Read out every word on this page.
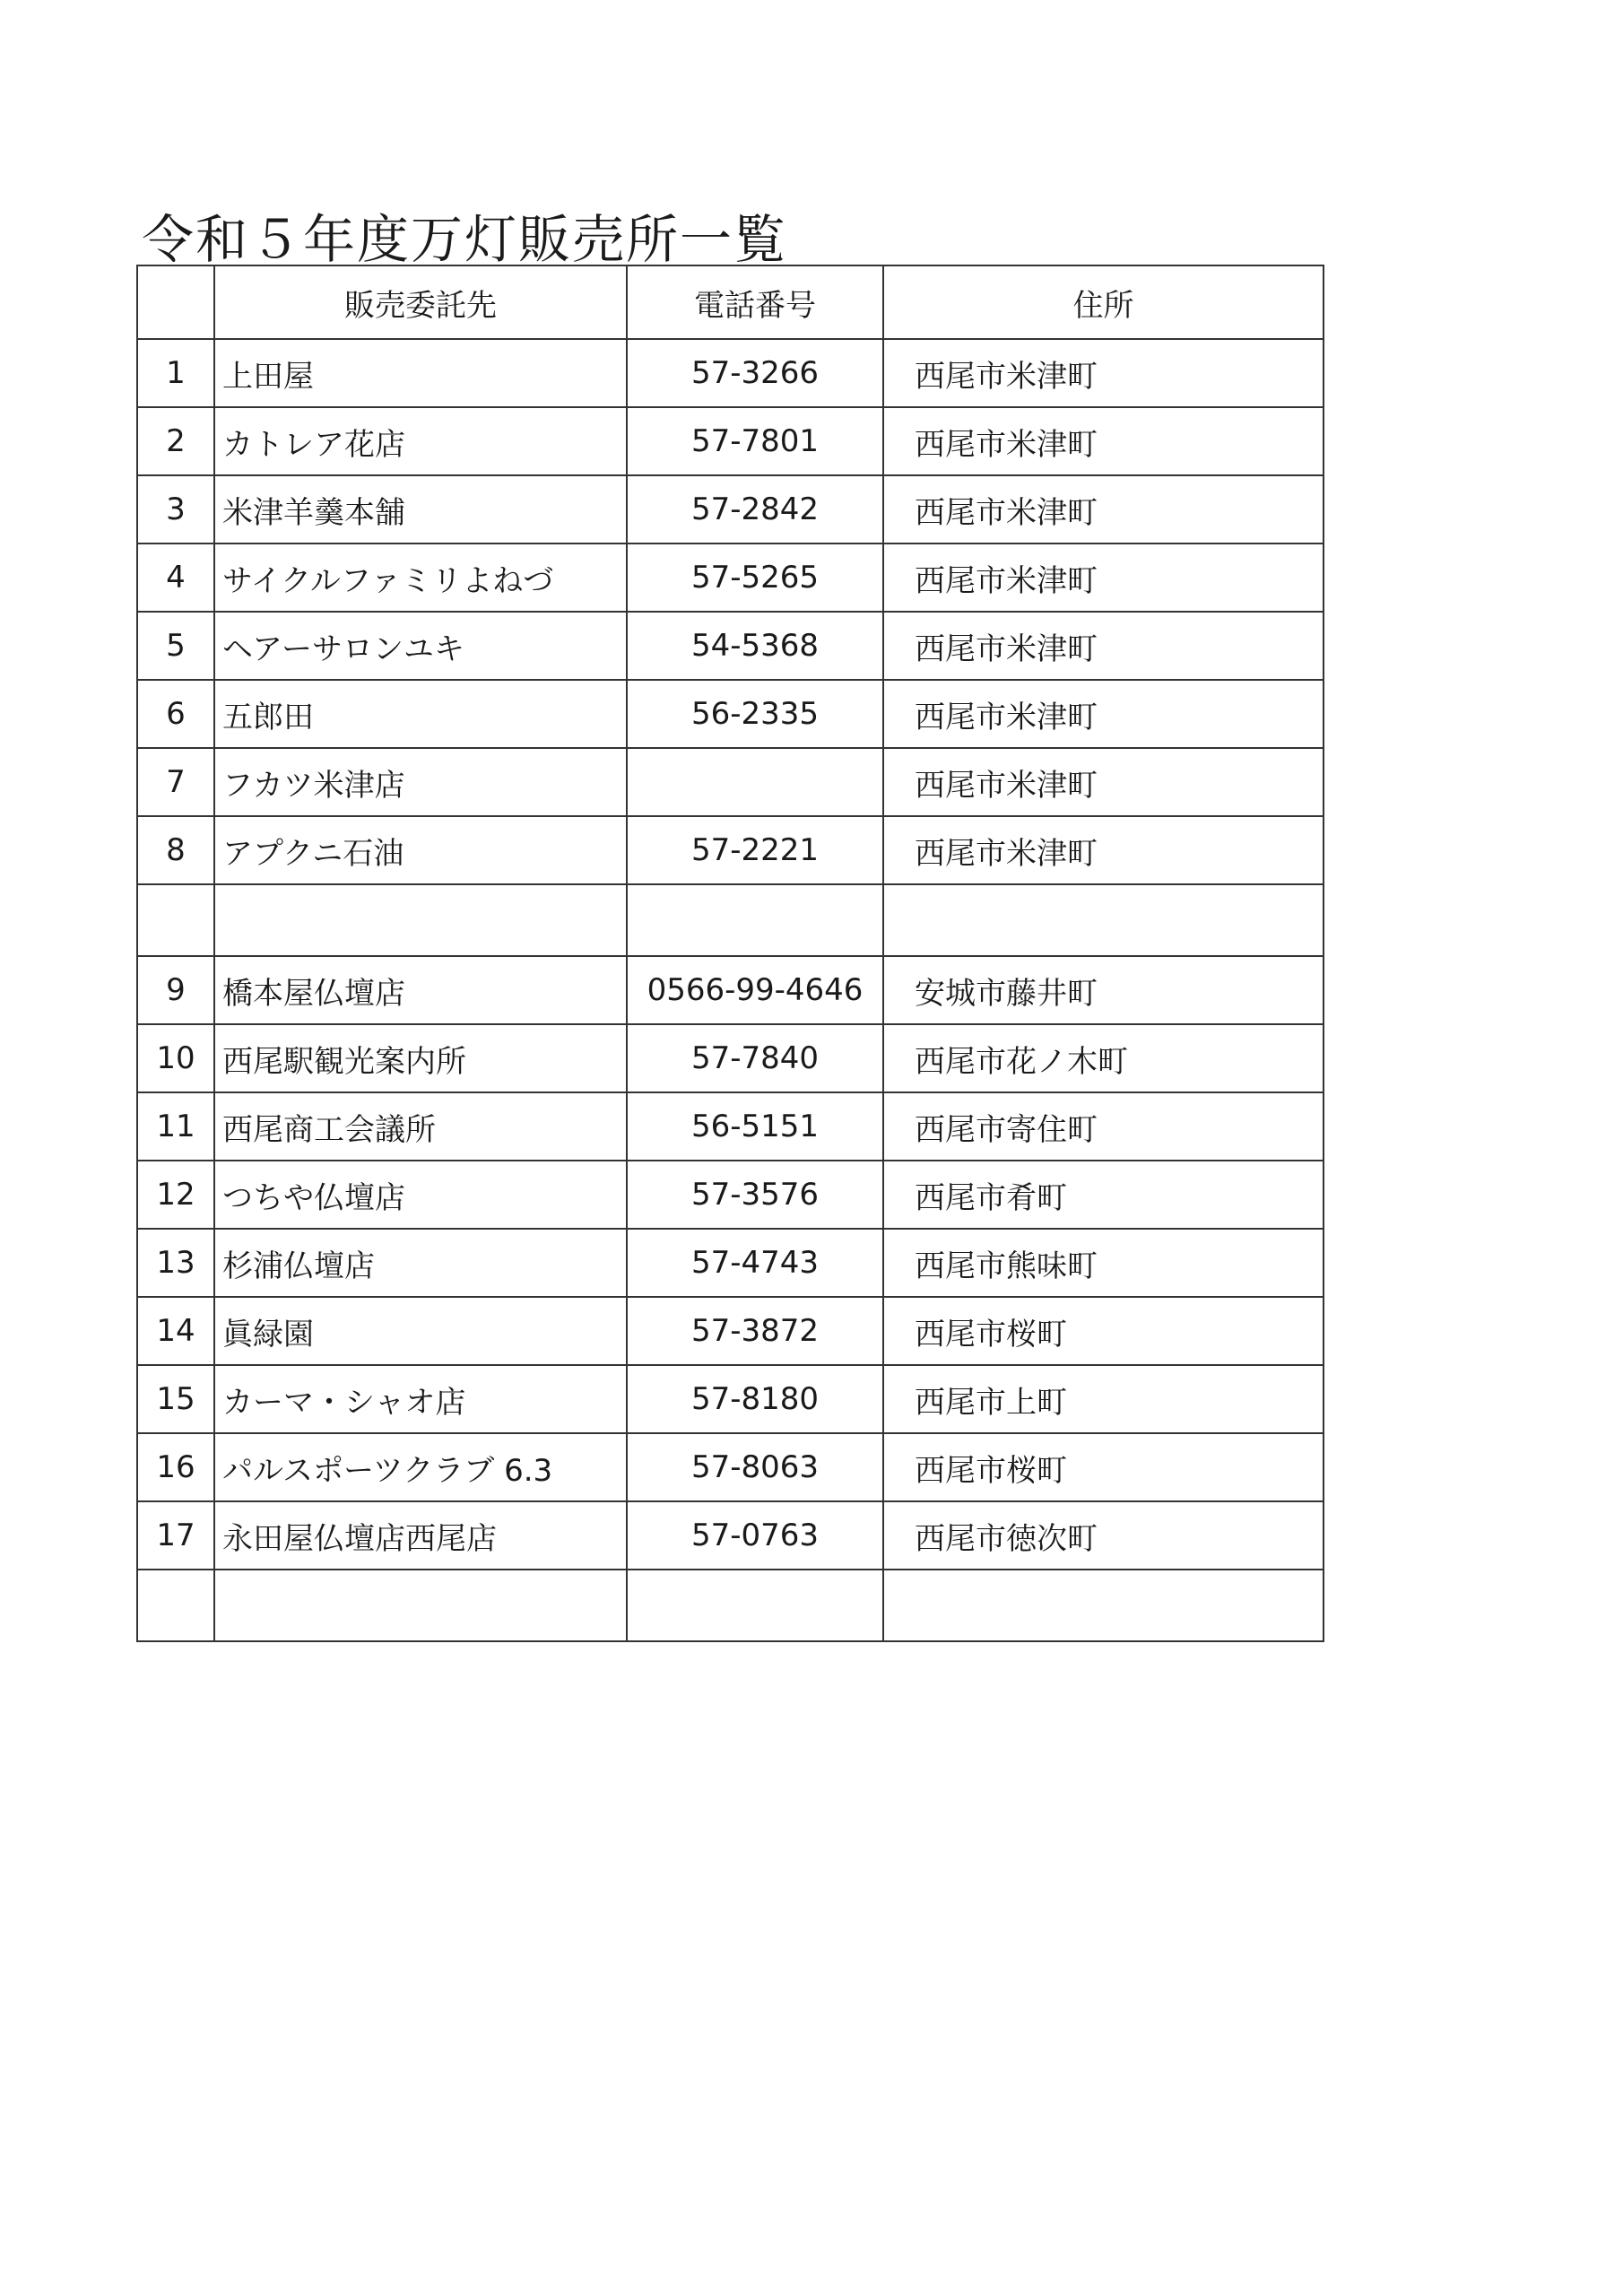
令和５年度万灯販売所一覧
	販売委託先	電話番号	住所
1	上田屋	57-3266	西尾市米津町
2	カトレア花店	57-7801	西尾市米津町
3	米津羊羹本舗	57-2842	西尾市米津町
4	サイクルファミリよねづ	57-5265	西尾市米津町
5	ヘアーサロンユキ	54-5368	西尾市米津町
6	五郎田	56-2335	西尾市米津町
7	フカツ米津店		西尾市米津町
8	アプクニ石油	57-2221	西尾市米津町

9	橋本屋仏壇店	0566-99-4646	安城市藤井町
10	西尾駅観光案内所	57-7840	西尾市花ノ木町
11	西尾商工会議所	56-5151	西尾市寄住町
12	つちや仏壇店	57-3576	西尾市肴町
13	杉浦仏壇店	57-4743	西尾市熊味町
14	眞緑園	57-3872	西尾市桜町
15	カーマ・シャオ店	57-8180	西尾市上町
16	パルスポーツクラブ 6.3	57-8063	西尾市桜町
17	永田屋仏壇店西尾店	57-0763	西尾市徳次町
